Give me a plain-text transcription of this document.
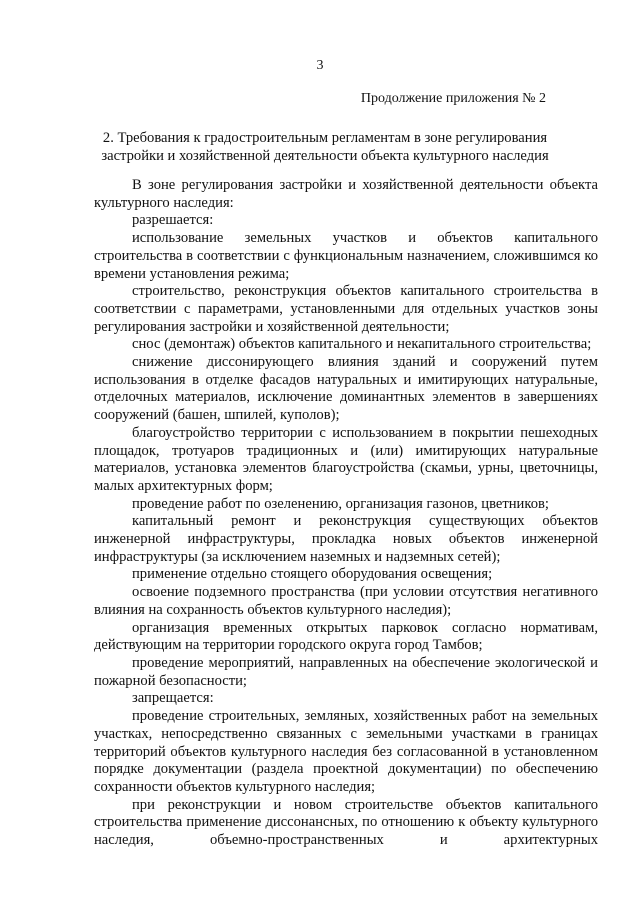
3
Продолжение приложения № 2
2. Требования к градостроительным регламентам в зоне регулирования застройки и хозяйственной деятельности объекта культурного наследия

В зоне регулирования застройки и хозяйственной деятельности объекта культурного наследия:

разрешается:

использование земельных участков и объектов капитального строительства в соответствии с функциональным назначением, сложившимся ко времени установления режима;

строительство, реконструкция объектов капитального строительства в соответствии с параметрами, установленными для отдельных участков зоны регулирования застройки и хозяйственной деятельности;

снос (демонтаж) объектов капитального и некапитального строительства;

снижение диссонирующего влияния зданий и сооружений путем использования в отделке фасадов натуральных и имитирующих натуральные, отделочных материалов, исключение доминантных элементов в завершениях сооружений (башен, шпилей, куполов);

благоустройство территории с использованием в покрытии пешеходных площадок, тротуаров традиционных и (или) имитирующих натуральные материалов, установка элементов благоустройства (скамьи, урны, цветочницы, малых архитектурных форм;

проведение работ по озеленению, организация газонов, цветников;

капитальный ремонт и реконструкция существующих объектов инженерной инфраструктуры, прокладка новых объектов инженерной инфраструктуры (за исключением наземных и надземных сетей);

применение отдельно стоящего оборудования освещения;

освоение подземного пространства (при условии отсутствия негативного влияния на сохранность объектов культурного наследия);

организация временных открытых парковок согласно нормативам, действующим на территории городского округа город Тамбов;

проведение мероприятий, направленных на обеспечение экологической и пожарной безопасности;

запрещается:

проведение строительных, земляных, хозяйственных работ на земельных участках, непосредственно связанных с земельными участками в границах территорий объектов культурного наследия без согласованной в установленном порядке документации (раздела проектной документации) по обеспечению сохранности объектов культурного наследия;

при реконструкции и новом строительстве объектов капитального строительства применение диссонансных, по отношению к объекту культурного наследия, объемно-пространственных и архитектурных
